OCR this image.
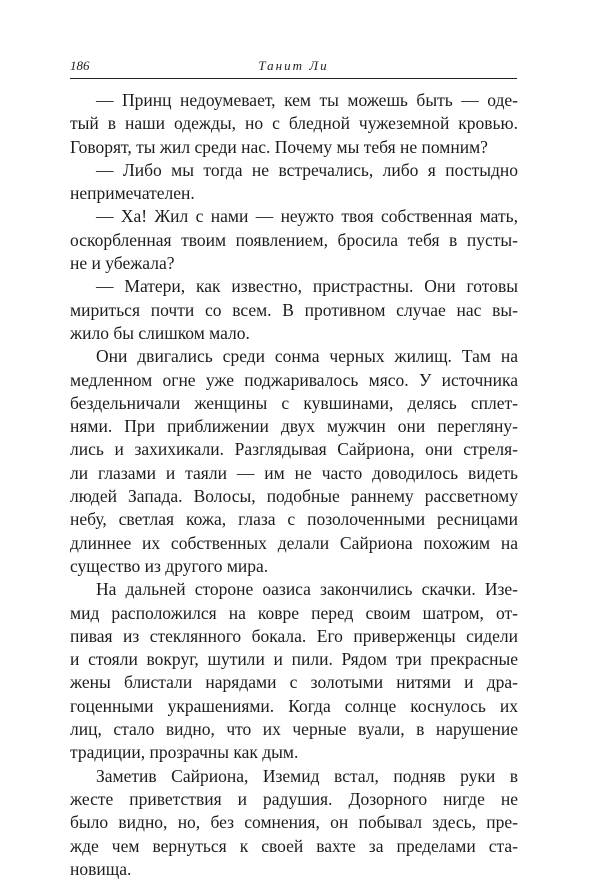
186	Танит Ли
— Принц недоумевает, кем ты можешь быть — оде-
тый в наши одежды, но с бледной чужеземной кровью.
Говорят, ты жил среди нас. Почему мы тебя не помним?
— Либо мы тогда не встречались, либо я постыдно
непримечателен.
— Ха! Жил с нами — неужто твоя собственная мать,
оскорбленная твоим появлением, бросила тебя в пусты-
не и убежала?
— Матери, как известно, пристрастны. Они готовы
мириться почти со всем. В противном случае нас вы-
жило бы слишком мало.
Они двигались среди сонма черных жилищ. Там на
медленном огне уже поджаривалось мясо. У источника
бездельничали женщины с кувшинами, делясь сплет-
нями. При приближении двух мужчин они перегляну-
лись и захихикали. Разглядывая Сайриона, они стреля-
ли глазами и таяли — им не часто доводилось видеть
людей Запада. Волосы, подобные раннему рассветному
небу, светлая кожа, глаза с позолоченными ресницами
длиннее их собственных делали Сайриона похожим на
существо из другого мира.
На дальней стороне оазиса закончились скачки. Изе-
мид расположился на ковре перед своим шатром, от-
пивая из стеклянного бокала. Его приверженцы сидели
и стояли вокруг, шутили и пили. Рядом три прекрасные
жены блистали нарядами с золотыми нитями и дра-
гоценными украшениями. Когда солнце коснулось их
лиц, стало видно, что их черные вуали, в нарушение
традиции, прозрачны как дым.
Заметив Сайриона, Иземид встал, подняв руки в
жесте приветствия и радушия. Дозорного нигде не
было видно, но, без сомнения, он побывал здесь, пре-
жде чем вернуться к своей вахте за пределами ста-
новища.
